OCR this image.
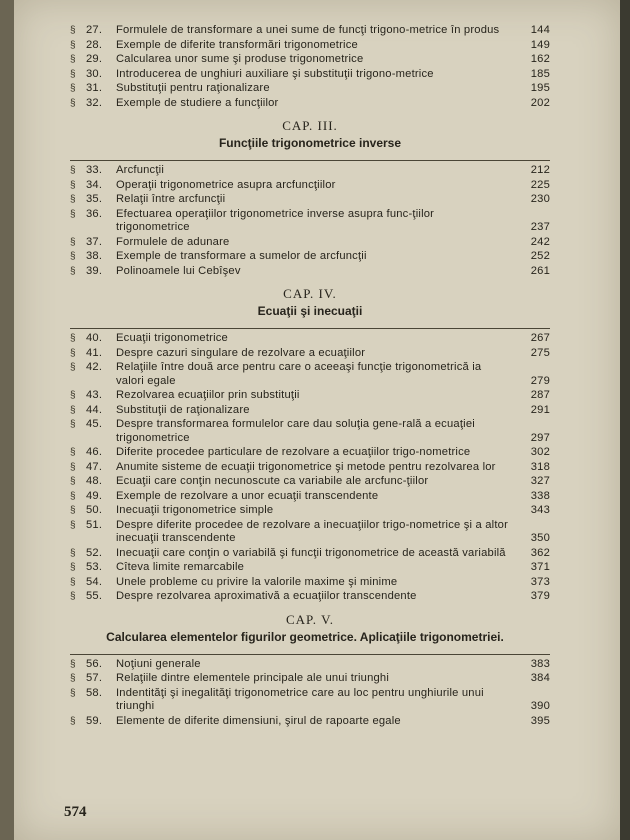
§ 27.	Formulele de transformare a unei sume de funcţi trigono-metrice în produs	144
§ 28.	Exemple de diferite transformări trigonometrice	149
§ 29.	Calcularea unor sume şi produse trigonometrice	162
§ 30.	Introducerea de unghiuri auxiliare şi substituţii trigono-metrice	185
§ 31.	Substituţii pentru raţionalizare	195
§ 32.	Exemple de studiere a funcţiilor	202
CAP. III.
Funcţiile trigonometrice inverse
§ 33.	Arcfuncţii	212
§ 34.	Operaţii trigonometrice asupra arcfuncţiilor	225
§ 35.	Relaţii între arcfuncţii	230
§ 36.	Efectuarea operaţiilor trigonometrice inverse asupra func-ţiilor trigonometrice	237
§ 37.	Formulele de adunare	242
§ 38.	Exemple de transformare a sumelor de arcfuncţii	252
§ 39.	Polinoamele lui Cebîşev	261
CAP. IV.
Ecuaţii şi inecuaţii
§ 40.	Ecuaţii trigonometrice	267
§ 41.	Despre cazuri singulare de rezolvare a ecuaţiilor	275
§ 42.	Relaţiile între două arce pentru care o aceeaşi funcţie trigonometrică ia valori egale	279
§ 43.	Rezolvarea ecuaţiilor prin substituţii	287
§ 44.	Substituţii de raţionalizare	291
§ 45.	Despre transformarea formulelor care dau soluţia gene-rală a ecuaţiei trigonometrice	297
§ 46.	Diferite procedee particulare de rezolvare a ecuaţiilor trigo-nometrice	302
§ 47.	Anumite sisteme de ecuaţii trigonometrice şi metode pentru rezolvarea lor	318
§ 48.	Ecuaţii care conţin necunoscute ca variabile ale arcfunc-ţiilor	327
§ 49.	Exemple de rezolvare a unor ecuaţii transcendente	338
§ 50.	Inecuaţii trigonometrice simple	343
§ 51.	Despre diferite procedee de rezolvare a inecuaţiilor trigo-nometrice şi a altor inecuaţii transcendente	350
§ 52.	Inecuaţii care conţin o variabilă şi funcţii trigonometrice de această variabilă	362
§ 53.	Cîteva limite remarcabile	371
§ 54.	Unele probleme cu privire la valorile maxime şi minime	373
§ 55.	Despre rezolvarea aproximativă a ecuaţiilor transcendente	379
CAP. V.
Calcularea elementelor figurilor geometrice. Aplicaţiile trigonometriei.
§ 56.	Noţiuni generale	383
§ 57.	Relaţiile dintre elementele principale ale unui triunghi	384
§ 58.	Indentităţi şi inegalităţi trigonometrice care au loc pentru unghiurile unui triunghi	390
§ 59.	Elemente de diferite dimensiuni, şirul de rapoarte egale	395
574
